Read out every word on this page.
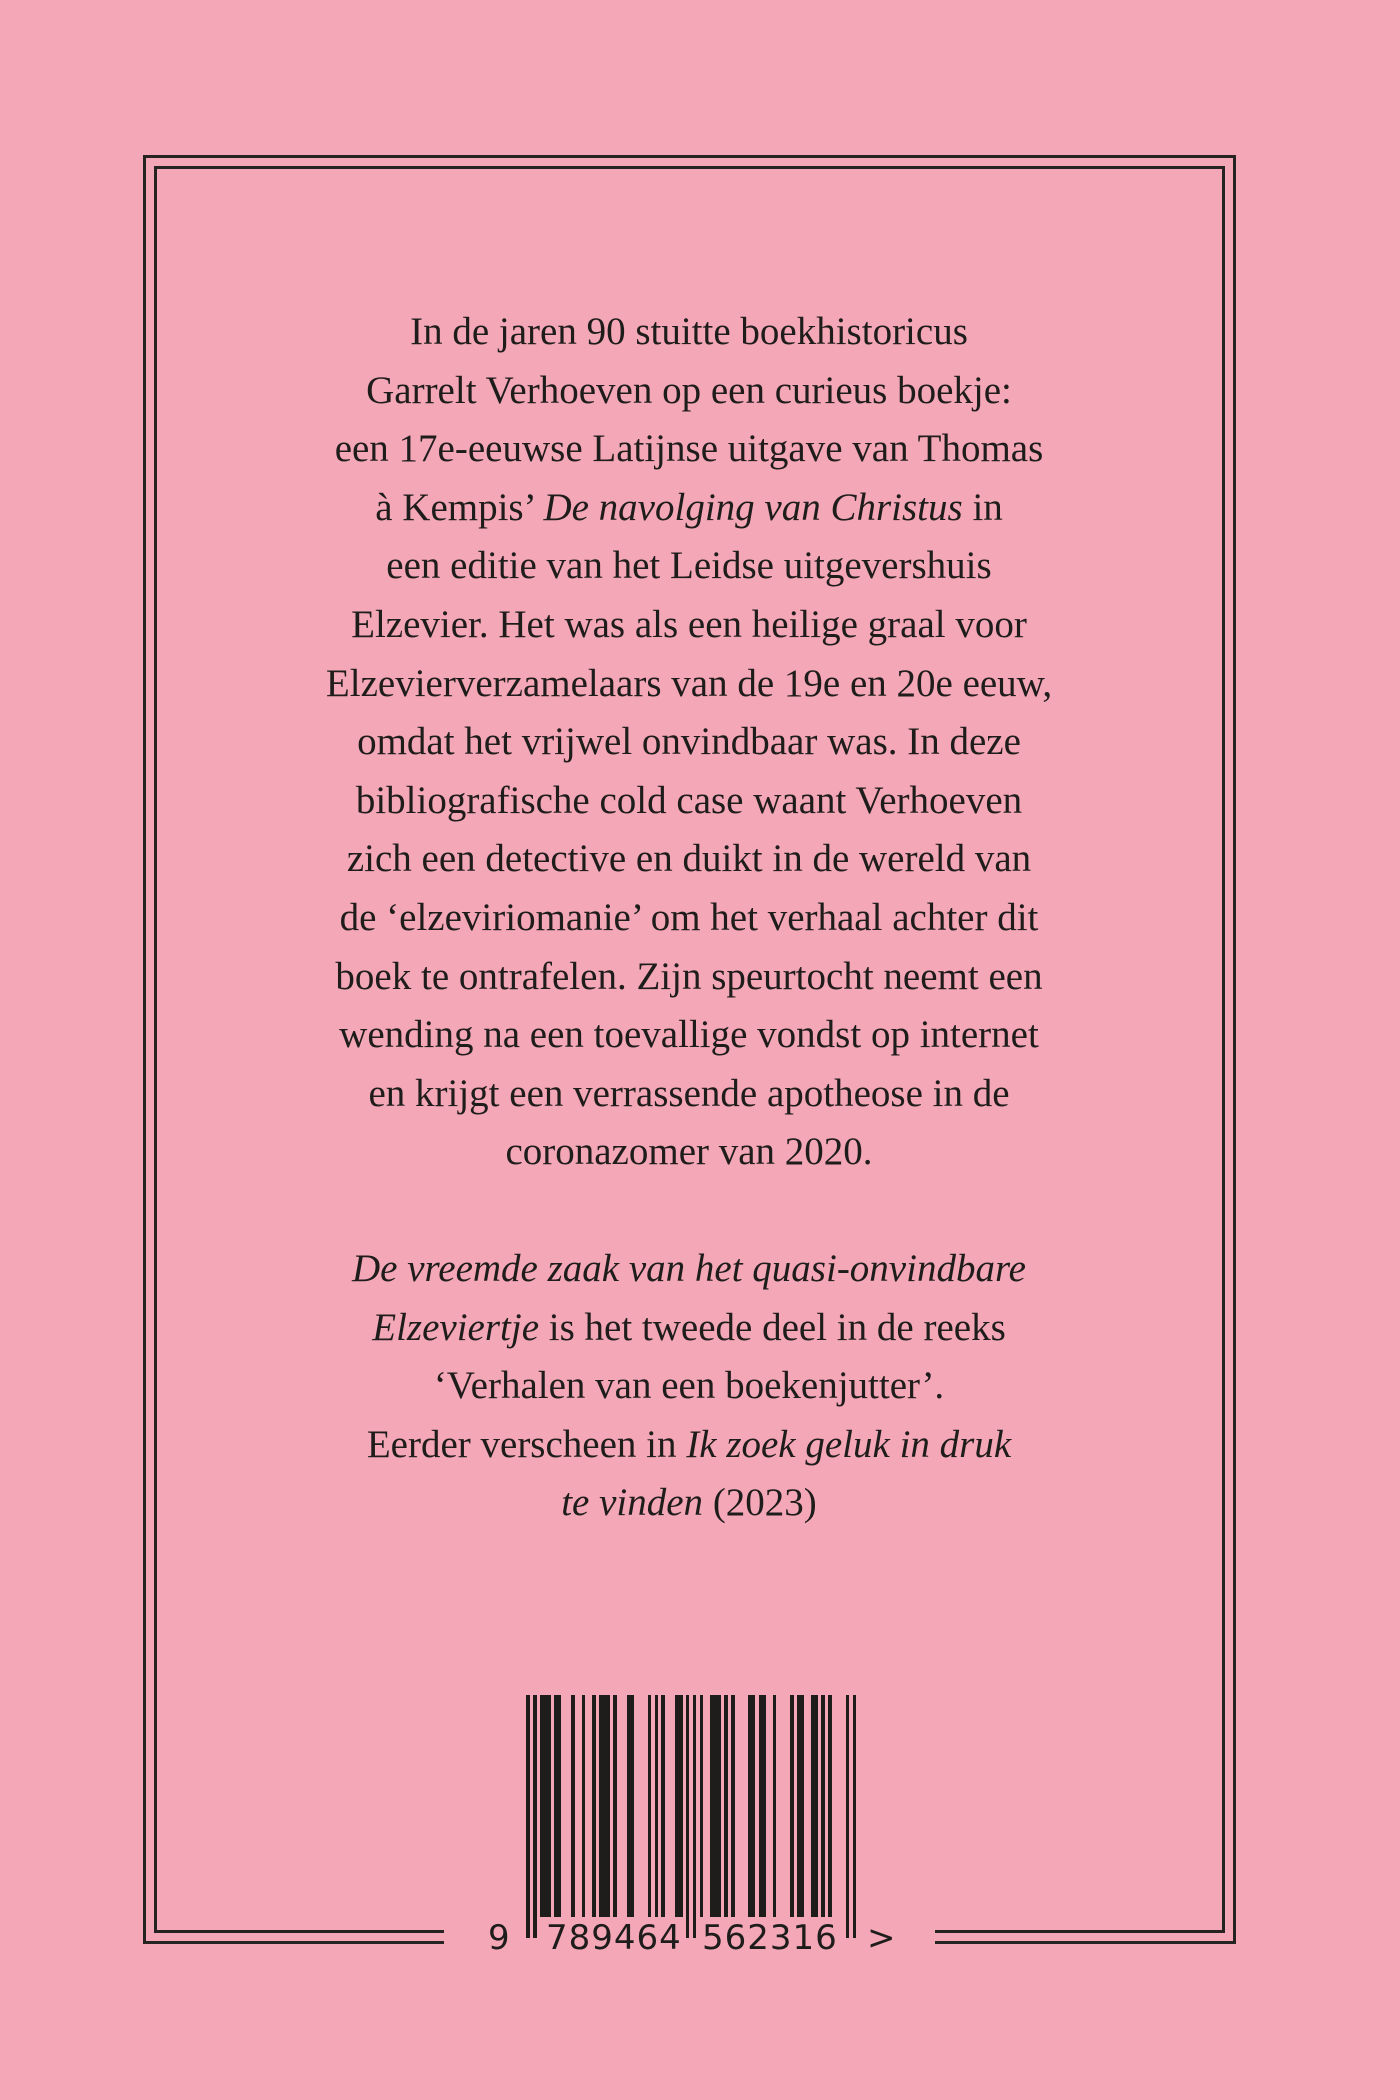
In de jaren 90 stuitte boekhistoricus
Garrelt Verhoeven op een curieus boekje:
een 17e-eeuwse Latijnse uitgave van Thomas
à Kempis’ De navolging van Christus in
een editie van het Leidse uitgevershuis
Elzevier. Het was als een heilige graal voor
Elzevierverzamelaars van de 19e en 20e eeuw,
omdat het vrijwel onvindbaar was. In deze
bibliografische cold case waant Verhoeven
zich een detective en duikt in de wereld van
de ‘elzeviriomanie’ om het verhaal achter dit
boek te ontrafelen. Zijn speurtocht neemt een
wending na een toevallige vondst op internet
en krijgt een verrassende apotheose in de
coronazomer van 2020.
De vreemde zaak van het quasi-onvindbare
Elzeviertje is het tweede deel in de reeks
‘Verhalen van een boekenjutter’.
Eerder verscheen in Ik zoek geluk in druk
te vinden (2023)
9 789464 562316 >
